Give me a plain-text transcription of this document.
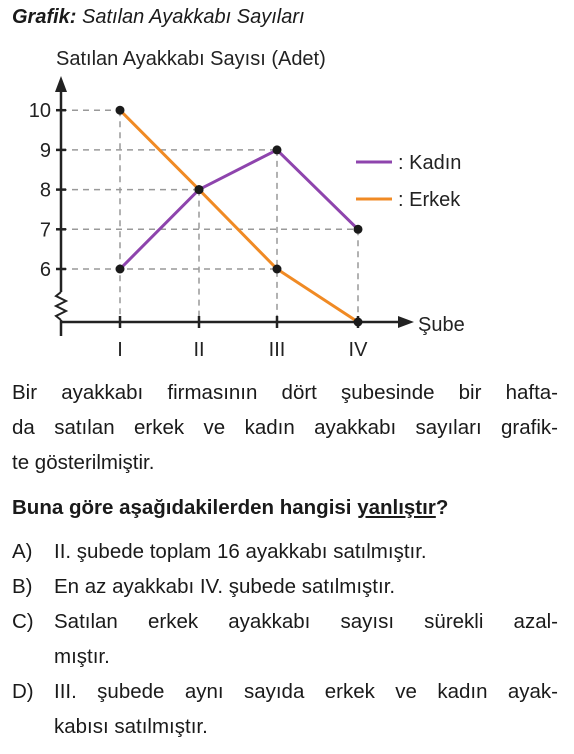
Grafik: Satılan Ayakkabı Sayıları
Satılan Ayakkabı Sayısı (Adet)
Şube
6
7
8
9
10
I	II	III	IV
: Kadın
: Erkek

Bir ayakkabı firmasının dört şubesinde bir hafta-

da satılan erkek ve kadın ayakkabı sayıları grafik-

te gösterilmiştir.

Buna göre aşağıdakilerden hangisi yanlıştır?
A)	II. şubede toplam 16 ayakkabı satılmıştır.
B)	En az ayakkabı IV. şubede satılmıştır.
C) Satılan erkek ayakkabı sayısı sürekli azal-
mıştır.
D) III. şubede aynı sayıda erkek ve kadın ayak-
kabısı satılmıştır.
